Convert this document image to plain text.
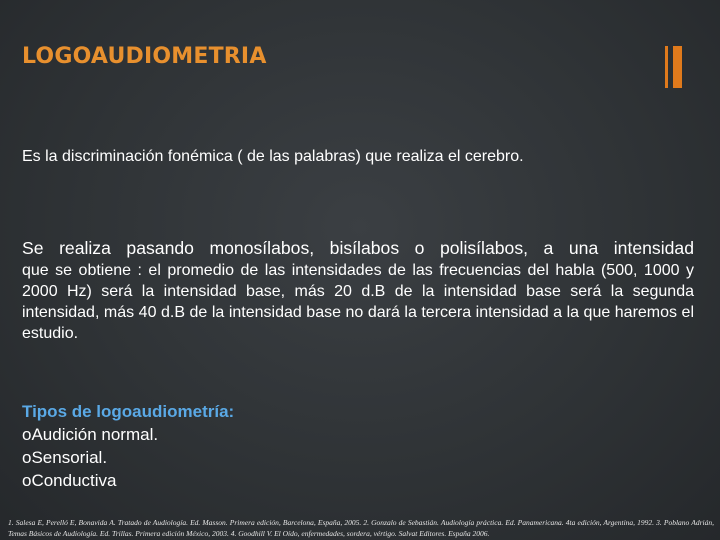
LOGOAUDIOMETRIA
Es la discriminación fonémica ( de las palabras) que realiza el cerebro.
Se realiza pasando monosílabos, bisílabos o polisílabos, a una intensidad
que se obtiene : el promedio de las intensidades de las frecuencias del habla (500, 1000 y 2000 Hz) será la intensidad base, más 20 d.B de la intensidad base será la segunda intensidad, más 40 d.B de la intensidad base no dará la tercera intensidad a la que haremos el estudio.
Tipos de logoaudiometría:
oAudición normal.
oSensorial.
oConductiva
1. Salesa E, Perelló E, Bonavida A. Tratado de Audiología. Ed. Masson. Primera edición, Barcelona, España, 2005. 2. Gonzalo de Sebastián. Audiología práctica. Ed. Panamericana. 4ta edición, Argentina, 1992. 3. Poblano Adrián, Temas Básicos de Audiología. Ed. Trillas. Primera edición México, 2003. 4. Goodhill V. El Oído, enfermedades, sordera, vértigo. Salvat Editores. España 2006.
